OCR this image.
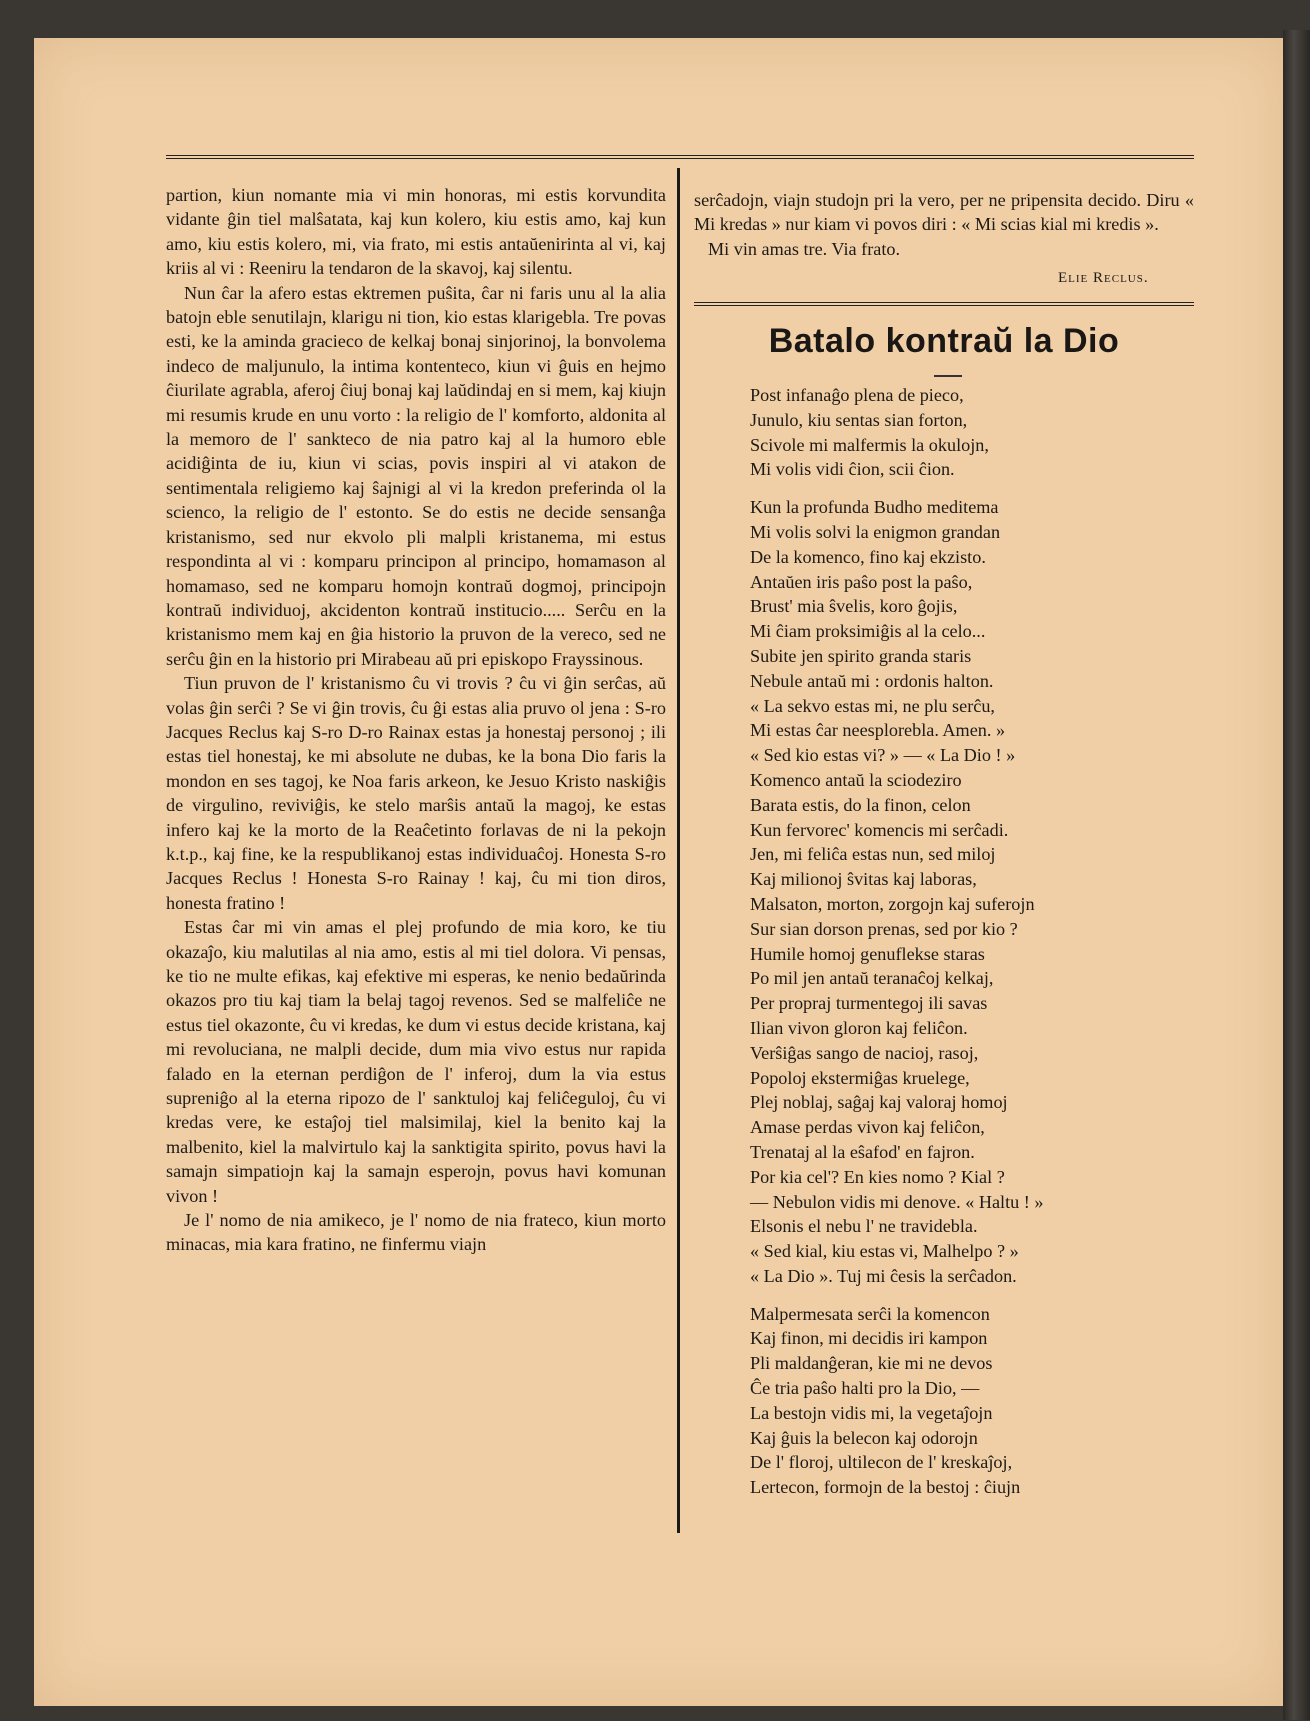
partion, kiun nomante mia vi min honoras, mi estis korvundita vidante ĝin tiel malŝatata, kaj kun kolero, kiu estis amo, kaj kun amo, kiu estis kolero, mi, via frato, mi estis antaŭenirinta al vi, kaj kriis al vi : Reeniru la tendaron de la skavoj, kaj silentu.

Nun ĉar la afero estas ektremen puŝita, ĉar ni faris unu al la alia batojn eble senutilajn, klarigu ni tion, kio estas klarigebla. Tre povas esti, ke la aminda gracieco de kelkaj bonaj sinjorinoj, la bonvolema indeco de maljunulo, la intima kontenteco, kiun vi ĝuis en hejmo ĉiurilate agrabla, aferoj ĉiuj bonaj kaj laŭdindaj en si mem, kaj kiujn mi resumis krude en unu vorto : la religio de l' komforto, aldonita al la memoro de l' sankteco de nia patro kaj al la humoro eble acidiĝinta de iu, kiun vi scias, povis inspiri al vi atakon de sentimentala religiemo kaj ŝajnigi al vi la kredon preferinda ol la scienco, la religio de l' estonto. Se do estis ne decide sensanĝa kristanismo, sed nur ekvolo pli malpli kristanema, mi estus respondinta al vi : komparu principon al principo, homamason al homamaso, sed ne komparu homojn kontraŭ dogmoj, principojn kontraŭ individuoj, akcidenton kontraŭ institucio..... Serĉu en la kristanismo mem kaj en ĝia historio la pruvon de la vereco, sed ne serĉu ĝin en la historio pri Mirabeau aŭ pri episkopo Frayssinous.

Tiun pruvon de l' kristanismo ĉu vi trovis ? ĉu vi ĝin serĉas, aŭ volas ĝin serĉi ? Se vi ĝin trovis, ĉu ĝi estas alia pruvo ol jena : S-ro Jacques Reclus kaj S-ro D-ro Rainax estas ja honestaj personoj ; ili estas tiel honestaj, ke mi absolute ne dubas, ke la bona Dio faris la mondon en ses tagoj, ke Noa faris arkeon, ke Jesuo Kristo naskiĝis de virgulino, reviviĝis, ke stelo marŝis antaŭ la magoj, ke estas infero kaj ke la morto de la Reaĉetinto forlavas de ni la pekojn k.t.p., kaj fine, ke la respublikanoj estas individuaĉoj. Honesta S-ro Jacques Reclus ! Honesta S-ro Rainay ! kaj, ĉu mi tion diros, honesta fratino !

Estas ĉar mi vin amas el plej profundo de mia koro, ke tiu okazaĵo, kiu malutilas al nia amo, estis al mi tiel dolora. Vi pensas, ke tio ne multe efikas, kaj efektive mi esperas, ke nenio bedaŭrinda okazos pro tiu kaj tiam la belaj tagoj revenos. Sed se malfeliĉe ne estus tiel okazonte, ĉu vi kredas, ke dum vi estus decide kristana, kaj mi revoluciana, ne malpli decide, dum mia vivo estus nur rapida falado en la eternan perdiĝon de l' inferoj, dum la via estus supreniĝo al la eterna ripozo de l' sanktuloj kaj feliĉeguloj, ĉu vi kredas vere, ke estaĵoj tiel malsimilaj, kiel la benito kaj la malbenito, kiel la malvirtulo kaj la sanktigita spirito, povus havi la samajn simpatiojn kaj la samajn esperojn, povus havi komunan vivon !

Je l' nomo de nia amikeco, je l' nomo de nia frateco, kiun morto minacas, mia kara fratino, ne finfermu viajn

serĉadojn, viajn studojn pri la vero, per ne pripensita decido. Diru « Mi kredas » nur kiam vi povos diri : « Mi scias kial mi kredis ».

Mi vin amas tre. Via frato.

Elie Reclus.
Batalo kontraŭ la Dio
Post infanaĝo plena de pieco,
Junulo, kiu sentas sian forton,
Scivole mi malfermis la okulojn,
Mi volis vidi ĉion, scii ĉion.
Kun la profunda Budho meditema
Mi volis solvi la enigmon grandan
De la komenco, fino kaj ekzisto.
Antaŭen iris paŝo post la paŝo,
Brust' mia ŝvelis, koro ĝojis,
Mi ĉiam proksimiĝis al la celo...
Subite jen spirito granda staris
Nebule antaŭ mi : ordonis halton.
« La sekvo estas mi, ne plu serĉu,
Mi estas ĉar neesplorebla. Amen. »
« Sed kio estas vi? » — « La Dio ! »
Komenco antaŭ la sciodeziro
Barata estis, do la finon, celon
Kun fervorec' komencis mi serĉadi.
Jen, mi feliĉa estas nun, sed miloj
Kaj milionoj ŝvitas kaj laboras,
Malsaton, morton, zorgojn kaj suferojn
Sur sian dorson prenas, sed por kio ?
Humile homoj genuflekse staras
Po mil jen antaŭ teranaĉoj kelkaj,
Per propraj turmentegoj ili savas
Ilian vivon gloron kaj feliĉon.
Verŝiĝas sango de nacioj, rasoj,
Popoloj ekstermiĝas kruelege,
Plej noblaj, saĝaj kaj valoraj homoj
Amase perdas vivon kaj feliĉon,
Trenataj al la eŝafod' en fajron.
Por kia cel'? En kies nomo ? Kial ?
— Nebulon vidis mi denove. « Haltu ! »
Elsonis el nebu l' ne travidebla.
« Sed kial, kiu estas vi, Malhelpo ? »
« La Dio ». Tuj mi ĉesis la serĉadon.
Malpermesata serĉi la komencon
Kaj finon, mi decidis iri kampon
Pli maldanĝeran, kie mi ne devos
Ĉe tria paŝo halti pro la Dio, —
La bestojn vidis mi, la vegetaĵojn
Kaj ĝuis la belecon kaj odorojn
De l' floroj, ultilecon de l' kreskaĵoj,
Lertecon, formojn de la bestoj : ĉiujn
